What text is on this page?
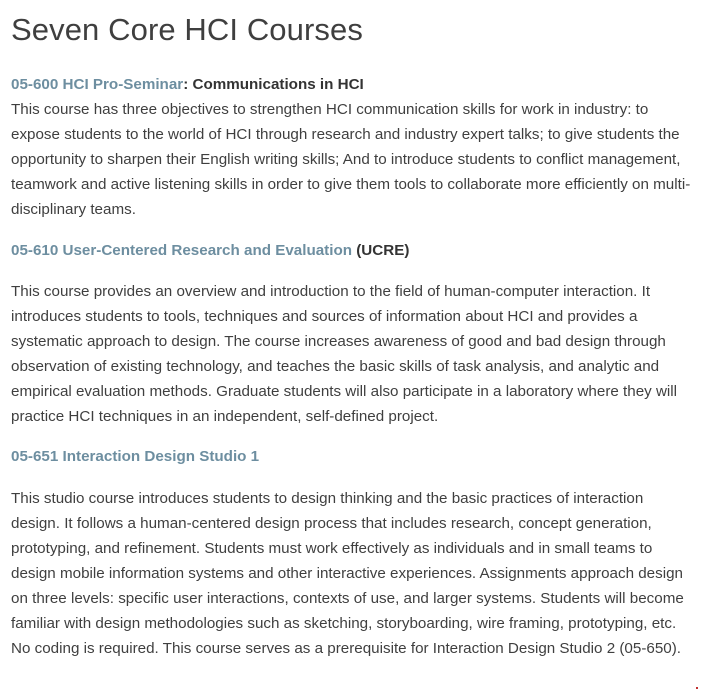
Seven Core HCI Courses

05-600 HCI Pro-Seminar: Communications in HCI

This course has three objectives to strengthen HCI communication skills for work in industry: to expose students to the world of HCI through research and industry expert talks; to give students the opportunity to sharpen their English writing skills; And to introduce students to conflict management, teamwork and active listening skills in order to give them tools to collaborate more efficiently on multi-disciplinary teams.

05-610 User-Centered Research and Evaluation (UCRE)

This course provides an overview and introduction to the field of human-computer interaction. It introduces students to tools, techniques and sources of information about HCI and provides a systematic approach to design. The course increases awareness of good and bad design through observation of existing technology, and teaches the basic skills of task analysis, and analytic and empirical evaluation methods. Graduate students will also participate in a laboratory where they will practice HCI techniques in an independent, self-defined project.

05-651 Interaction Design Studio 1

This studio course introduces students to design thinking and the basic practices of interaction design. It follows a human-centered design process that includes research, concept generation, prototyping, and refinement. Students must work effectively as individuals and in small teams to design mobile information systems and other interactive experiences. Assignments approach design on three levels: specific user interactions, contexts of use, and larger systems. Students will become familiar with design methodologies such as sketching, storyboarding, wire framing, prototyping, etc. No coding is required. This course serves as a prerequisite for Interaction Design Studio 2 (05-650).
